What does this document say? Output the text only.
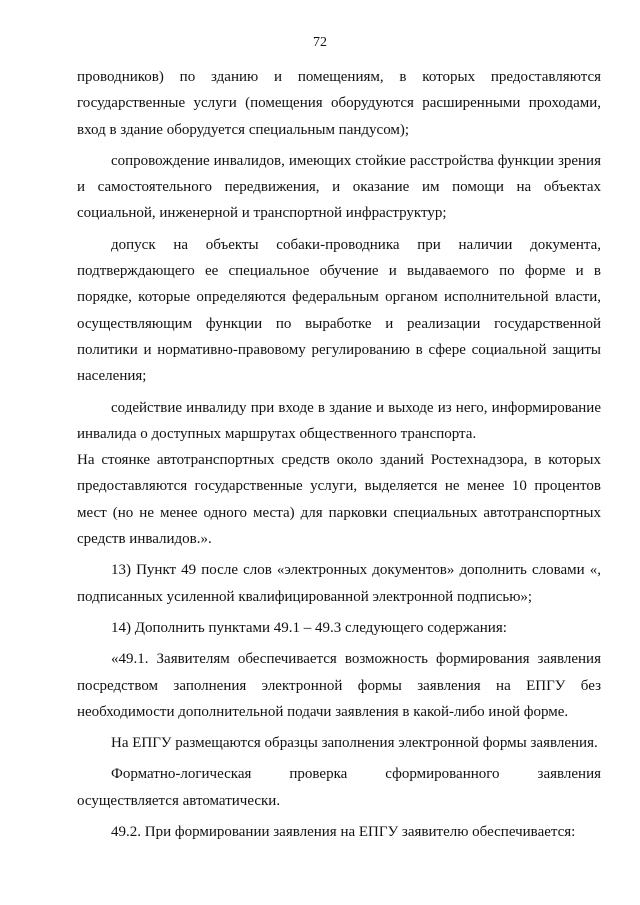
72

проводников) по зданию и помещениям, в которых предоставляются государственные услуги (помещения оборудуются расширенными проходами, вход в здание оборудуется специальным пандусом);

сопровождение инвалидов, имеющих стойкие расстройства функции зрения и самостоятельного передвижения, и оказание им помощи на объектах социальной, инженерной и транспортной инфраструктур;

допуск на объекты собаки-проводника при наличии документа, подтверждающего ее специальное обучение и выдаваемого по форме и в порядке, которые определяются федеральным органом исполнительной власти, осуществляющим функции по выработке и реализации государственной политики и нормативно-правовому регулированию в сфере социальной защиты населения;

содействие инвалиду при входе в здание и выходе из него, информирование инвалида о доступных маршрутах общественного транспорта.

На стоянке автотранспортных средств около зданий Ростехнадзора, в которых предоставляются государственные услуги, выделяется не менее 10 процентов мест (но не менее одного места) для парковки специальных автотранспортных средств инвалидов.».

13) Пункт 49 после слов «электронных документов» дополнить словами «, подписанных усиленной квалифицированной электронной подписью»;

14) Дополнить пунктами 49.1 – 49.3 следующего содержания:

«49.1. Заявителям обеспечивается возможность формирования заявления посредством заполнения электронной формы заявления на ЕПГУ без необходимости дополнительной подачи заявления в какой-либо иной форме.

На ЕПГУ размещаются образцы заполнения электронной формы заявления.

Форматно-логическая проверка сформированного заявления осуществляется автоматически.

49.2. При формировании заявления на ЕПГУ заявителю обеспечивается:
